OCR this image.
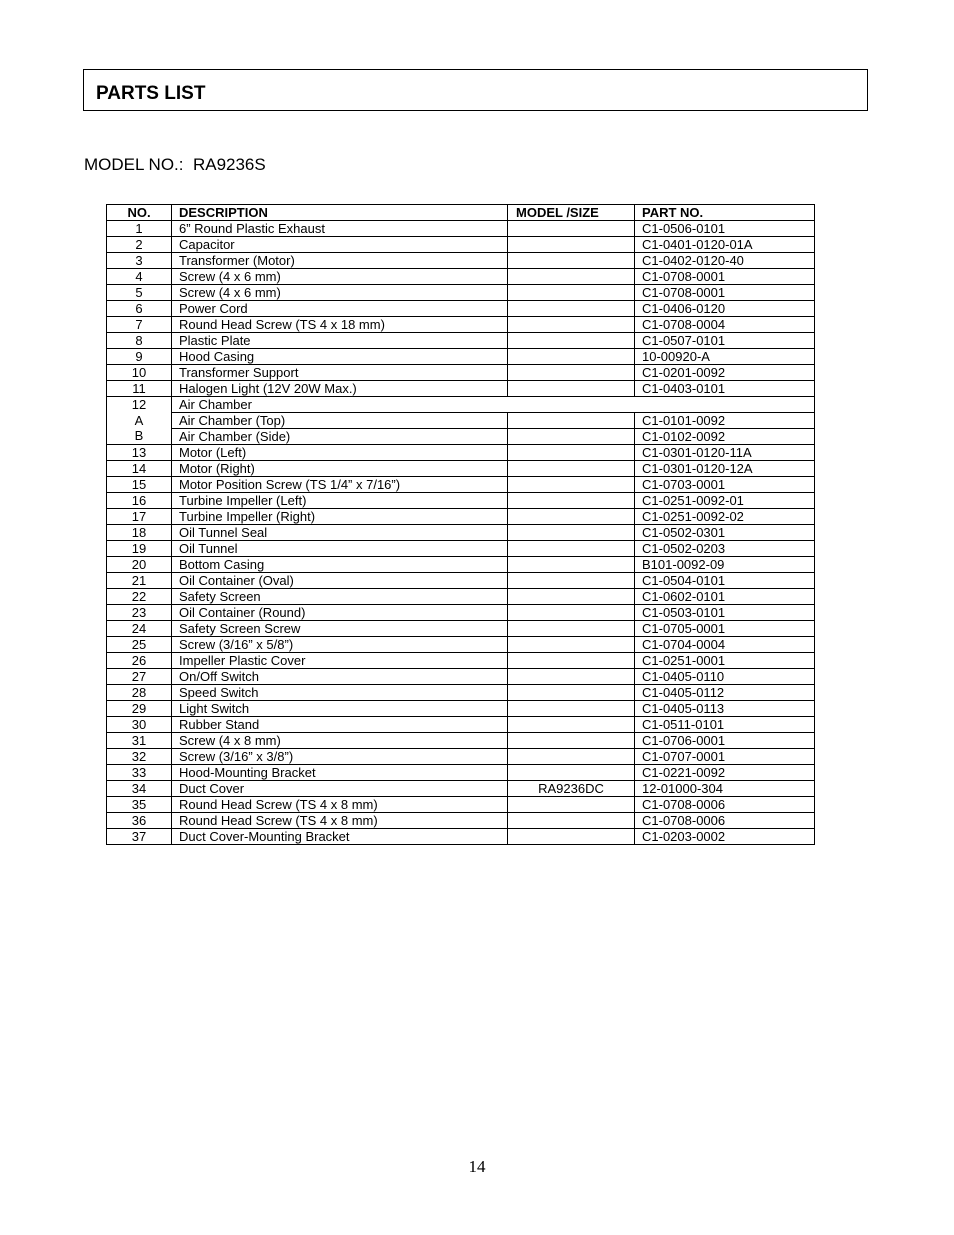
PARTS LIST
MODEL NO.: RA9236S
NO.	DESCRIPTION	MODEL /SIZE	PART NO.
1	6” Round Plastic Exhaust		C1-0506-0101
2	Capacitor		C1-0401-0120-01A
3	Transformer (Motor)		C1-0402-0120-40
4	Screw (4 x 6 mm)		C1-0708-0001
5	Screw (4 x 6 mm)		C1-0708-0001
6	Power Cord		C1-0406-0120
7	Round Head Screw (TS 4 x 18 mm)		C1-0708-0004
8	Plastic Plate		C1-0507-0101
9	Hood Casing		10-00920-A
10	Transformer Support		C1-0201-0092
11	Halogen Light (12V 20W Max.)		C1-0403-0101
12	Air Chamber		
A	Air Chamber (Top)		C1-0101-0092
B	Air Chamber (Side)		C1-0102-0092
13	Motor (Left)		C1-0301-0120-11A
14	Motor (Right)		C1-0301-0120-12A
15	Motor Position Screw (TS 1/4” x 7/16”)		C1-0703-0001
16	Turbine Impeller (Left)		C1-0251-0092-01
17	Turbine Impeller (Right)		C1-0251-0092-02
18	Oil Tunnel Seal		C1-0502-0301
19	Oil Tunnel		C1-0502-0203
20	Bottom Casing		B101-0092-09
21	Oil Container (Oval)		C1-0504-0101
22	Safety Screen		C1-0602-0101
23	Oil Container (Round)		C1-0503-0101
24	Safety Screen Screw		C1-0705-0001
25	Screw (3/16” x 5/8”)		C1-0704-0004
26	Impeller Plastic Cover		C1-0251-0001
27	On/Off Switch		C1-0405-0110
28	Speed Switch		C1-0405-0112
29	Light Switch		C1-0405-0113
30	Rubber Stand		C1-0511-0101
31	Screw (4 x 8 mm)		C1-0706-0001
32	Screw (3/16” x 3/8”)		C1-0707-0001
33	Hood-Mounting Bracket		C1-0221-0092
34	Duct Cover	RA9236DC	12-01000-304
35	Round Head Screw (TS 4 x 8 mm)		C1-0708-0006
36	Round Head Screw (TS 4 x 8 mm)		C1-0708-0006
37	Duct Cover-Mounting Bracket		C1-0203-0002
14
